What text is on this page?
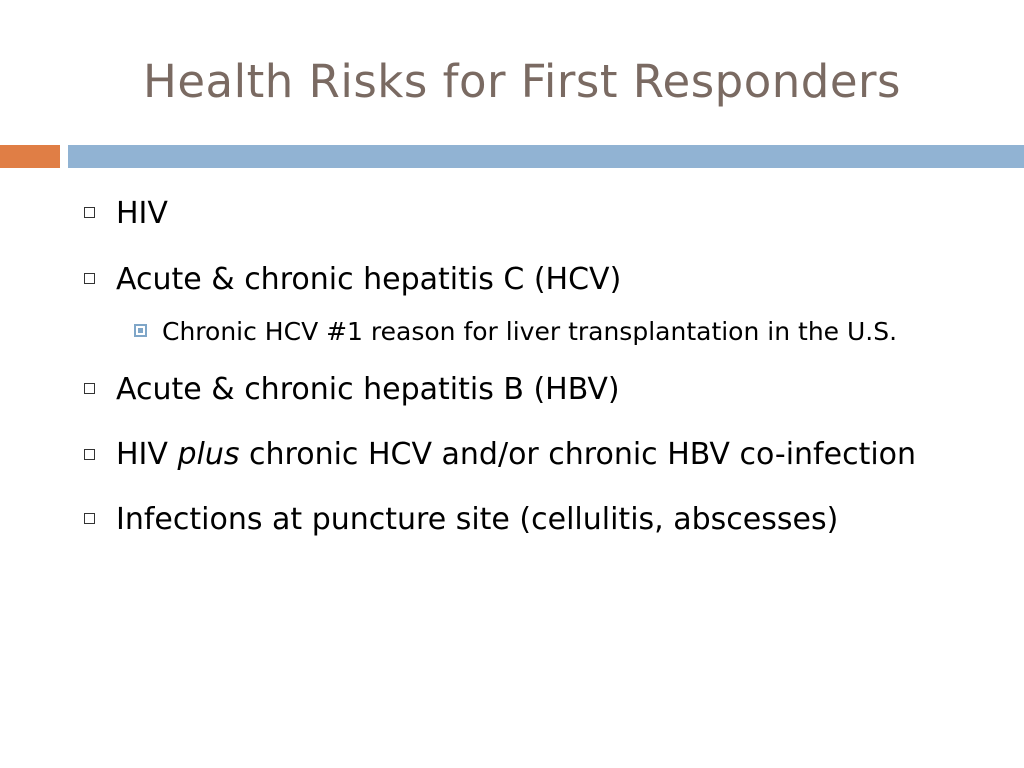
Health Risks for First Responders
HIV
Acute & chronic hepatitis C (HCV)
Chronic HCV #1 reason for liver transplantation in the U.S.
Acute & chronic hepatitis B (HBV)
HIV plus chronic HCV and/or chronic HBV co-infection
Infections at puncture site (cellulitis, abscesses)
